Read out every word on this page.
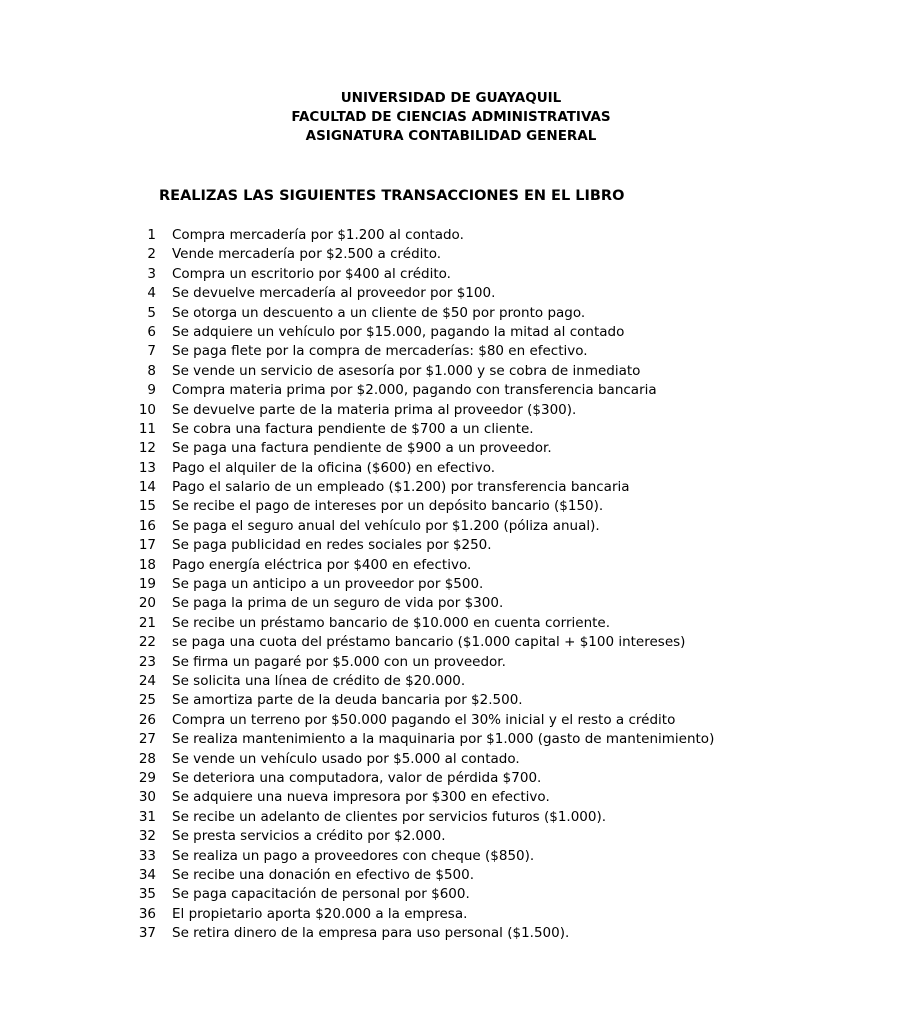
UNIVERSIDAD DE GUAYAQUIL
FACULTAD DE CIENCIAS ADMINISTRATIVAS
ASIGNATURA CONTABILIDAD GENERAL
REALIZAS LAS SIGUIENTES TRANSACCIONES EN EL LIBRO
1 Compra mercadería por $1.200 al contado.
2 Vende mercadería por $2.500 a crédito.
3 Compra un escritorio por $400 al crédito.
4 Se devuelve mercadería al proveedor por $100.
5 Se otorga un descuento a un cliente de $50 por pronto pago.
6 Se adquiere un vehículo por $15.000, pagando la mitad al contado
7 Se paga flete por la compra de mercaderías: $80 en efectivo.
8 Se vende un servicio de asesoría por $1.000 y se cobra de inmediato
9 Compra materia prima por $2.000, pagando con transferencia bancaria
10 Se devuelve parte de la materia prima al proveedor ($300).
11 Se cobra una factura pendiente de $700 a un cliente.
12 Se paga una factura pendiente de $900 a un proveedor.
13 Pago el alquiler de la oficina ($600) en efectivo.
14 Pago el salario de un empleado ($1.200) por transferencia bancaria
15 Se recibe el pago de intereses por un depósito bancario ($150).
16 Se paga el seguro anual del vehículo por $1.200 (póliza anual).
17 Se paga publicidad en redes sociales por $250.
18 Pago energía eléctrica por $400 en efectivo.
19 Se paga un anticipo a un proveedor por $500.
20 Se paga la prima de un seguro de vida por $300.
21 Se recibe un préstamo bancario de $10.000 en cuenta corriente.
22 se paga una cuota del préstamo bancario ($1.000 capital + $100 intereses)
23 Se firma un pagaré por $5.000 con un proveedor.
24 Se solicita una línea de crédito de $20.000.
25 Se amortiza parte de la deuda bancaria por $2.500.
26 Compra un terreno por $50.000 pagando el 30% inicial y el resto a crédito
27 Se realiza mantenimiento a la maquinaria por $1.000 (gasto de mantenimiento)
28 Se vende un vehículo usado por $5.000 al contado.
29 Se deteriora una computadora, valor de pérdida $700.
30 Se adquiere una nueva impresora por $300 en efectivo.
31 Se recibe un adelanto de clientes por servicios futuros ($1.000).
32 Se presta servicios a crédito por $2.000.
33 Se realiza un pago a proveedores con cheque ($850).
34 Se recibe una donación en efectivo de $500.
35 Se paga capacitación de personal por $600.
36 El propietario aporta $20.000 a la empresa.
37 Se retira dinero de la empresa para uso personal ($1.500).
